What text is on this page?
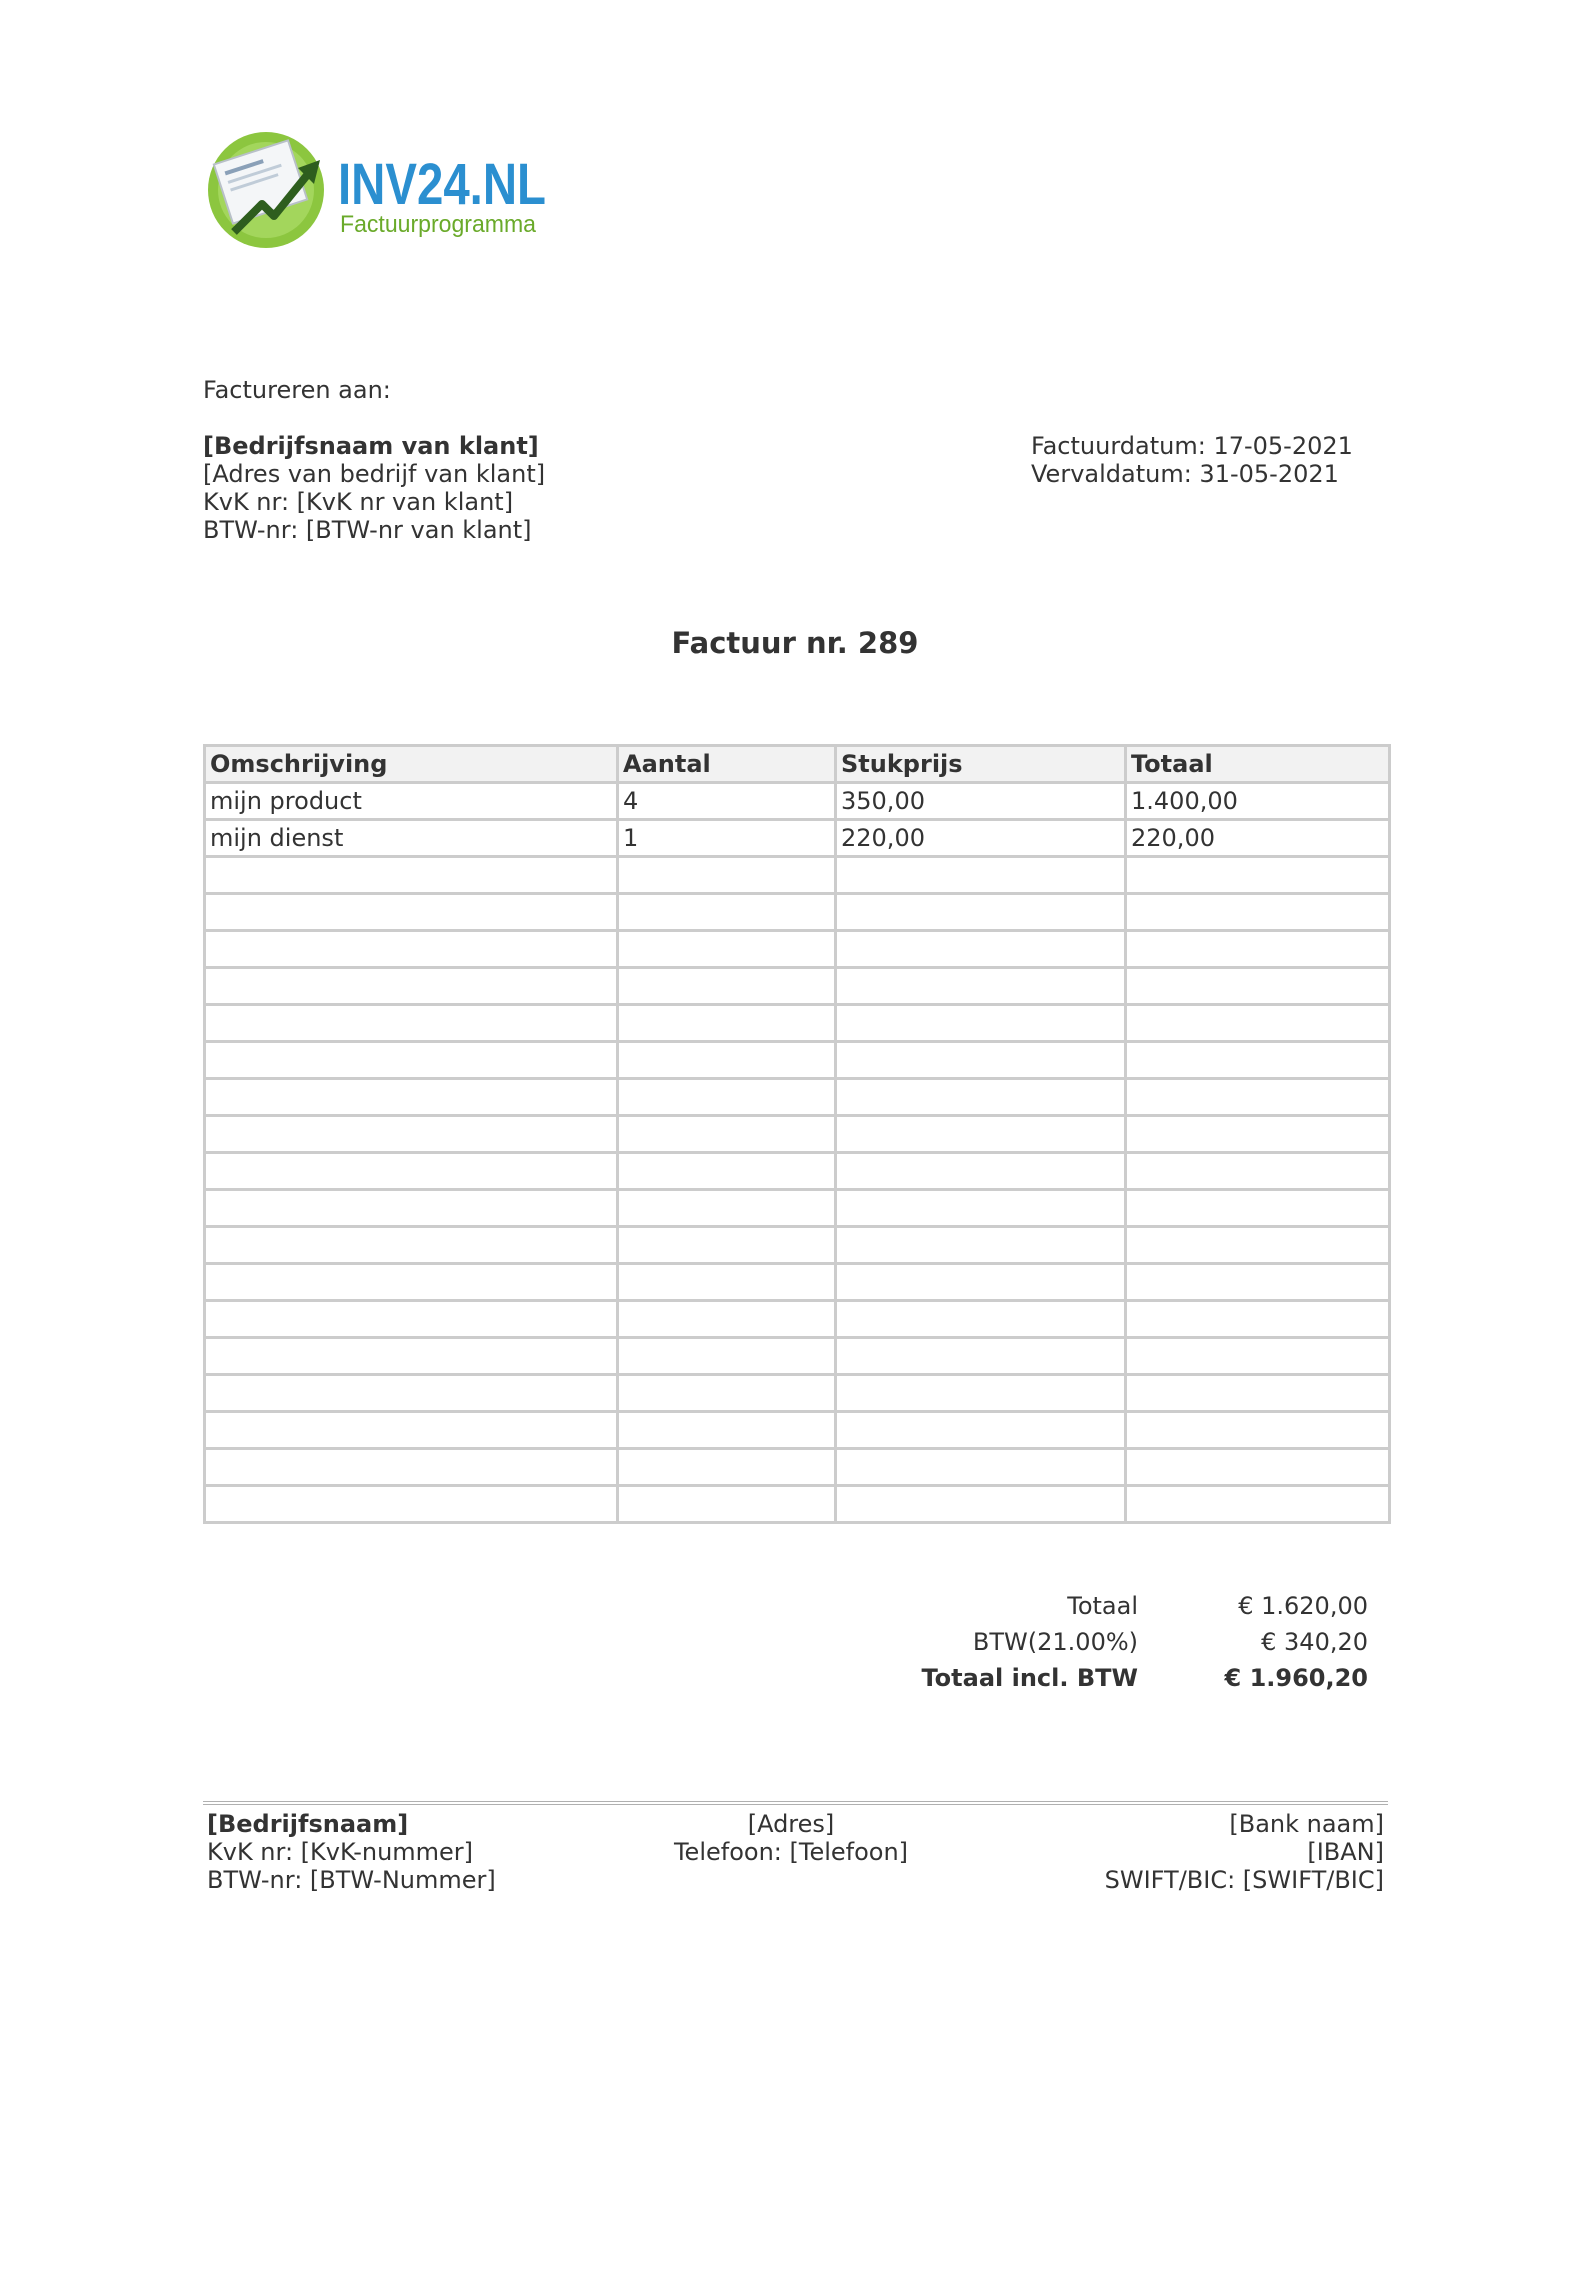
INV24.NL
Factuurprogramma
Factureren aan:
[Bedrijfsnaam van klant]
[Adres van bedrijf van klant]
KvK nr: [KvK nr van klant]
BTW-nr: [BTW-nr van klant]
Factuurdatum: 17-05-2021
Vervaldatum: 31-05-2021
Factuur nr. 289
Omschrijving	Aantal	Stukprijs	Totaal
mijn product	4	350,00	1.400,00
mijn dienst	1	220,00	220,00

Totaal	€ 1.620,00
BTW(21.00%)	€ 340,20
Totaal incl. BTW	€ 1.960,20
[Bedrijfsnaam]
KvK nr: [KvK-nummer]
BTW-nr: [BTW-Nummer]
[Adres]
Telefoon: [Telefoon]
[Bank naam]
[IBAN]
SWIFT/BIC: [SWIFT/BIC]
